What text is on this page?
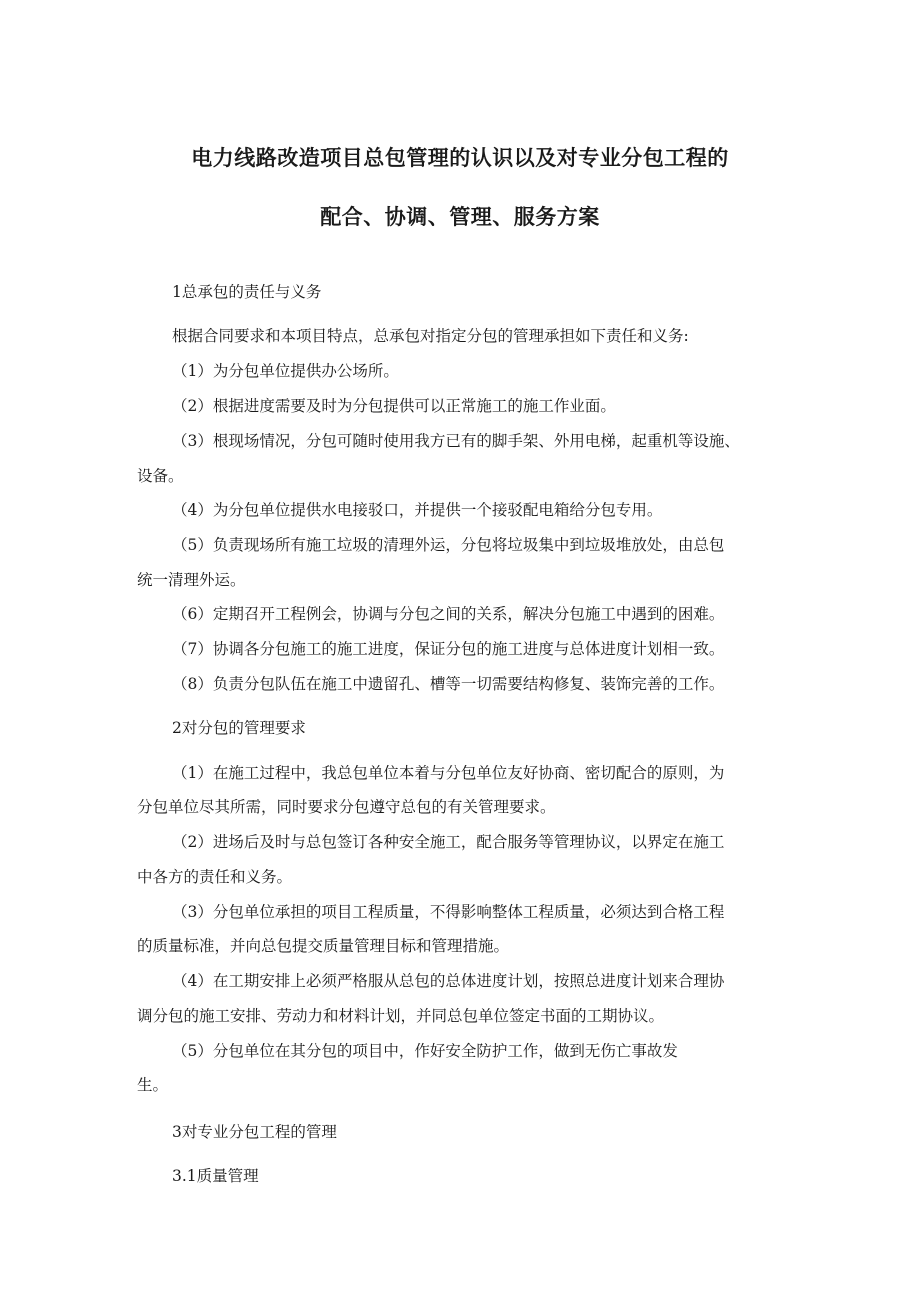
电力线路改造项目总包管理的认识以及对专业分包工程的
配合、协调、管理、服务方案
1总承包的责任与义务
根据合同要求和本项目特点，总承包对指定分包的管理承担如下责任和义务:
（1）为分包单位提供办公场所。
（2）根据进度需要及时为分包提供可以正常施工的施工作业面。
（3）根现场情况，分包可随时使用我方已有的脚手架、外用电梯，起重机等设施、
设备。
（4）为分包单位提供水电接驳口，并提供一个接驳配电箱给分包专用。
（5）负责现场所有施工垃圾的清理外运，分包将垃圾集中到垃圾堆放处，由总包
统一清理外运。
（6）定期召开工程例会，协调与分包之间的关系，解决分包施工中遇到的困难。
（7）协调各分包施工的施工进度，保证分包的施工进度与总体进度计划相一致。
（8）负责分包队伍在施工中遗留孔、槽等一切需要结构修复、装饰完善的工作。
2对分包的管理要求
（1）在施工过程中，我总包单位本着与分包单位友好协商、密切配合的原则，为
分包单位尽其所需，同时要求分包遵守总包的有关管理要求。
（2）进场后及时与总包签订各种安全施工，配合服务等管理协议，以界定在施工
中各方的责任和义务。
（3）分包单位承担的项目工程质量，不得影响整体工程质量，必须达到合格工程
的质量标准，并向总包提交质量管理目标和管理措施。
（4）在工期安排上必须严格服从总包的总体进度计划，按照总进度计划来合理协
调分包的施工安排、劳动力和材料计划，并同总包单位签定书面的工期协议。
（5）分包单位在其分包的项目中，作好安全防护工作，做到无伤亡事故发
生。
3对专业分包工程的管理
3.1质量管理
